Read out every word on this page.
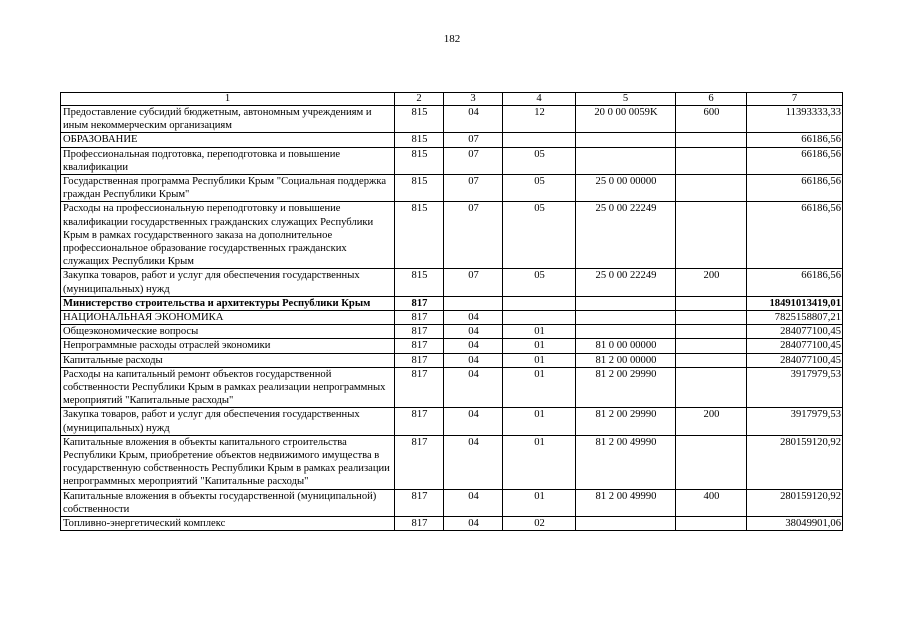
182
1	2	3	4	5	6	7
Предоставление субсидий бюджетным, автономным учреждениям и иным некоммерческим организациям	815	04	12	20 0 00 0059K	600	11393333,33
ОБРАЗОВАНИЕ	815	07				66186,56
Профессиональная подготовка, переподготовка и повышение квалификации	815	07	05			66186,56
Государственная программа Республики Крым "Социальная поддержка граждан Республики Крым"	815	07	05	25 0 00 00000		66186,56
Расходы на профессиональную переподготовку и повышение квалификации государственных гражданских служащих Республики Крым в рамках государственного заказа на дополнительное профессиональное образование государственных гражданских служащих Республики Крым	815	07	05	25 0 00 22249		66186,56
Закупка товаров, работ и услуг для обеспечения государственных (муниципальных) нужд	815	07	05	25 0 00 22249	200	66186,56
Министерство строительства и архитектуры Республики Крым	817					18491013419,01
НАЦИОНАЛЬНАЯ ЭКОНОМИКА	817	04				7825158807,21
Общеэкономические вопросы	817	04	01			284077100,45
Непрограммные расходы отраслей экономики	817	04	01	81 0 00 00000		284077100,45
Капитальные расходы	817	04	01	81 2 00 00000		284077100,45
Расходы на капитальный ремонт объектов государственной собственности Республики Крым в рамках реализации непрограммных мероприятий "Капитальные расходы"	817	04	01	81 2 00 29990		3917979,53
Закупка товаров, работ и услуг для обеспечения государственных (муниципальных) нужд	817	04	01	81 2 00 29990	200	3917979,53
Капитальные вложения в объекты капитального строительства Республики Крым, приобретение объектов недвижимого имущества в государственную собственность Республики Крым в рамках реализации непрограммных мероприятий "Капитальные расходы"	817	04	01	81 2 00 49990		280159120,92
Капитальные вложения в объекты государственной (муниципальной) собственности	817	04	01	81 2 00 49990	400	280159120,92
Топливно-энергетический комплекс	817	04	02			38049901,06
